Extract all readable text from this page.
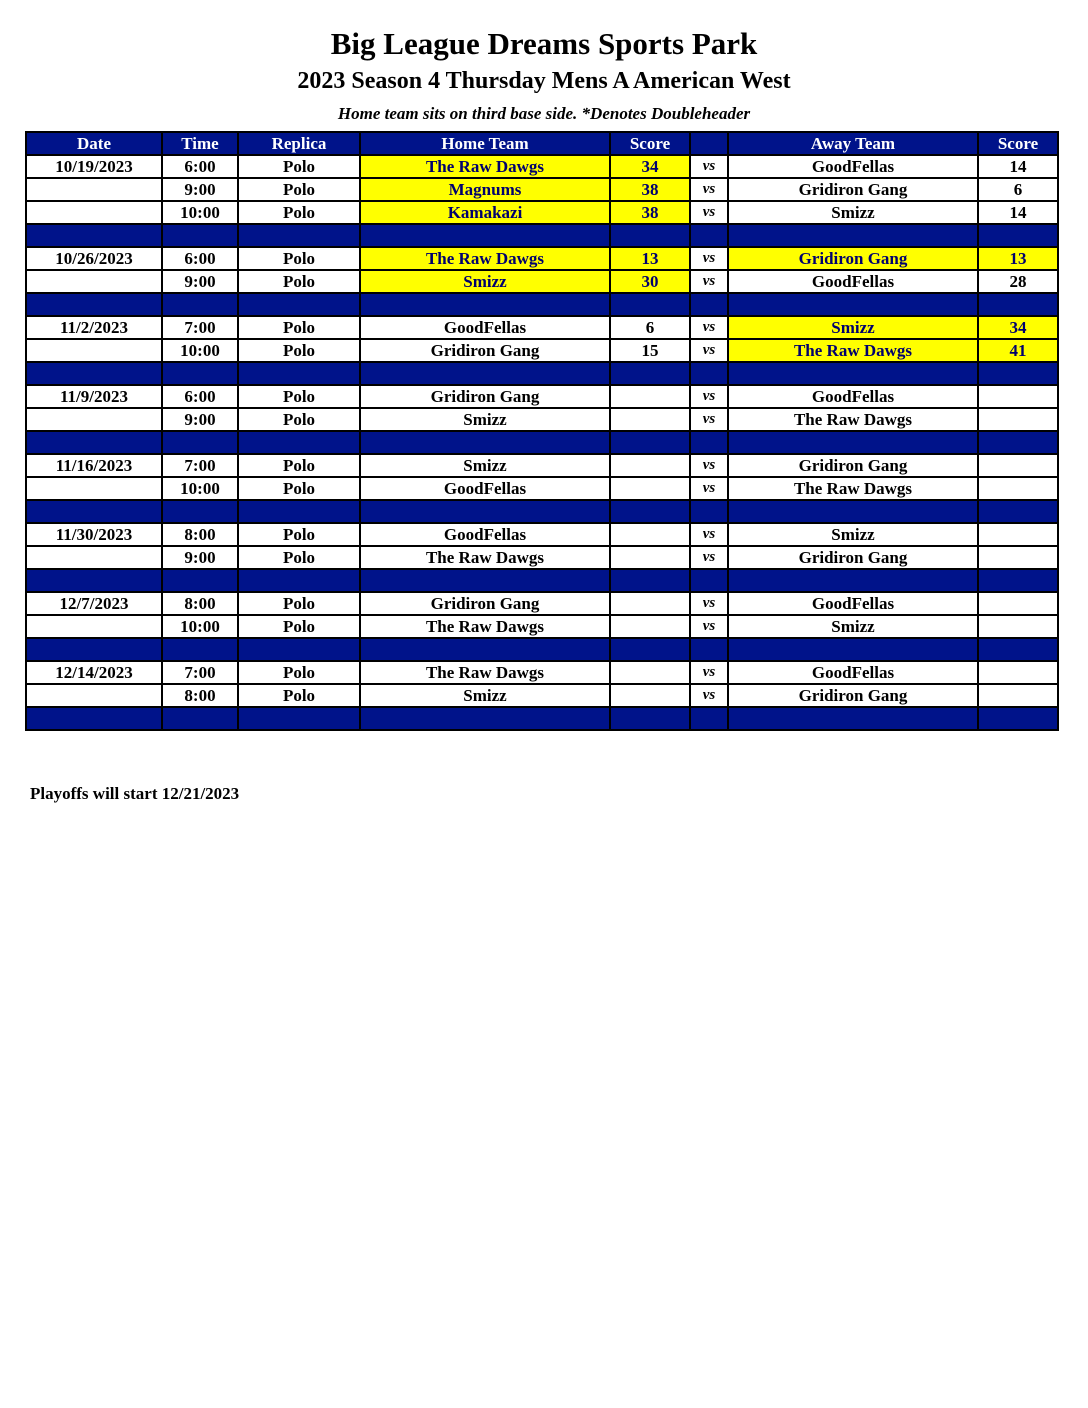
Big League Dreams Sports Park
2023 Season 4 Thursday Mens A American West
Home team sits on third base side. *Denotes Doubleheader
Date	Time	Replica	Home Team	Score		Away Team	Score
10/19/2023	6:00	Polo	The Raw Dawgs	34	vs	GoodFellas	14
	9:00	Polo	Magnums	38	vs	Gridiron Gang	6
	10:00	Polo	Kamakazi	38	vs	Smizz	14

10/26/2023	6:00	Polo	The Raw Dawgs	13	vs	Gridiron Gang	13
	9:00	Polo	Smizz	30	vs	GoodFellas	28

11/2/2023	7:00	Polo	GoodFellas	6	vs	Smizz	34
	10:00	Polo	Gridiron Gang	15	vs	The Raw Dawgs	41

11/9/2023	6:00	Polo	Gridiron Gang		vs	GoodFellas	
	9:00	Polo	Smizz		vs	The Raw Dawgs	

11/16/2023	7:00	Polo	Smizz		vs	Gridiron Gang	
	10:00	Polo	GoodFellas		vs	The Raw Dawgs	

11/30/2023	8:00	Polo	GoodFellas		vs	Smizz	
	9:00	Polo	The Raw Dawgs		vs	Gridiron Gang	

12/7/2023	8:00	Polo	Gridiron Gang		vs	GoodFellas	
	10:00	Polo	The Raw Dawgs		vs	Smizz	

12/14/2023	7:00	Polo	The Raw Dawgs		vs	GoodFellas	
	8:00	Polo	Smizz		vs	Gridiron Gang	

Playoffs will start 12/21/2023
